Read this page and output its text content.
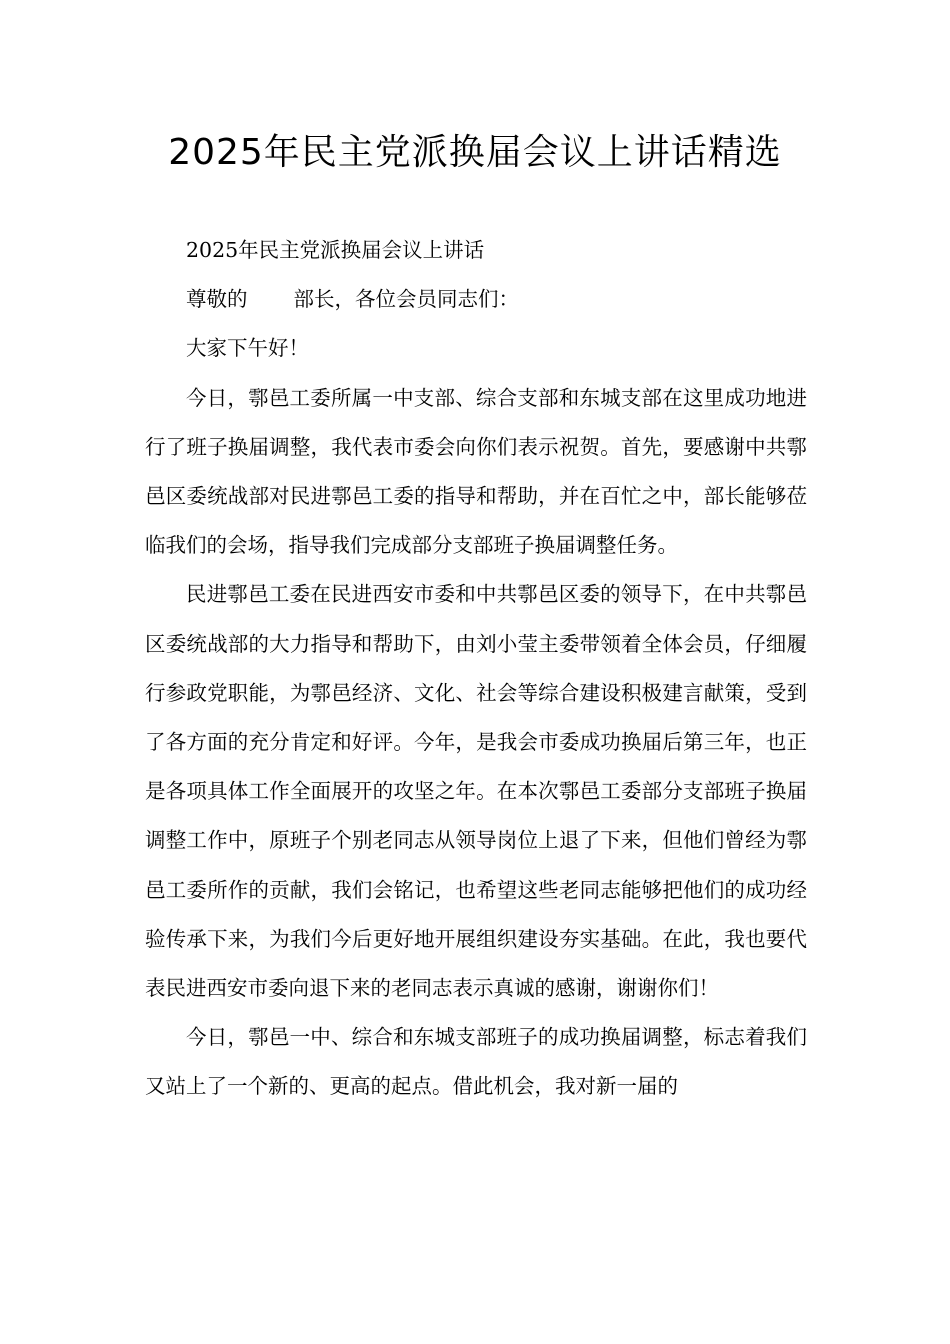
2025年民主党派换届会议上讲话精选

2025年民主党派换届会议上讲话

尊敬的 部长，各位会员同志们：

大家下午好！

今日，鄠邑工委所属一中支部、综合支部和东城支部在这里成功地进行了班子换届调整，我代表市委会向你们表示祝贺。首先，要感谢中共鄠邑区委统战部对民进鄠邑工委的指导和帮助，并在百忙之中，部长能够莅临我们的会场，指导我们完成部分支部班子换届调整任务。

民进鄠邑工委在民进西安市委和中共鄠邑区委的领导下，在中共鄠邑区委统战部的大力指导和帮助下，由刘小莹主委带领着全体会员，仔细履行参政党职能，为鄠邑经济、文化、社会等综合建设积极建言献策，受到了各方面的充分肯定和好评。今年，是我会市委成功换届后第三年，也正是各项具体工作全面展开的攻坚之年。在本次鄠邑工委部分支部班子换届调整工作中，原班子个别老同志从领导岗位上退了下来，但他们曾经为鄠邑工委所作的贡献，我们会铭记，也希望这些老同志能够把他们的成功经验传承下来，为我们今后更好地开展组织建设夯实基础。在此，我也要代表民进西安市委向退下来的老同志表示真诚的感谢，谢谢你们！

今日，鄠邑一中、综合和东城支部班子的成功换届调整，标志着我们又站上了一个新的、更高的起点。借此机会，我对新一届的
